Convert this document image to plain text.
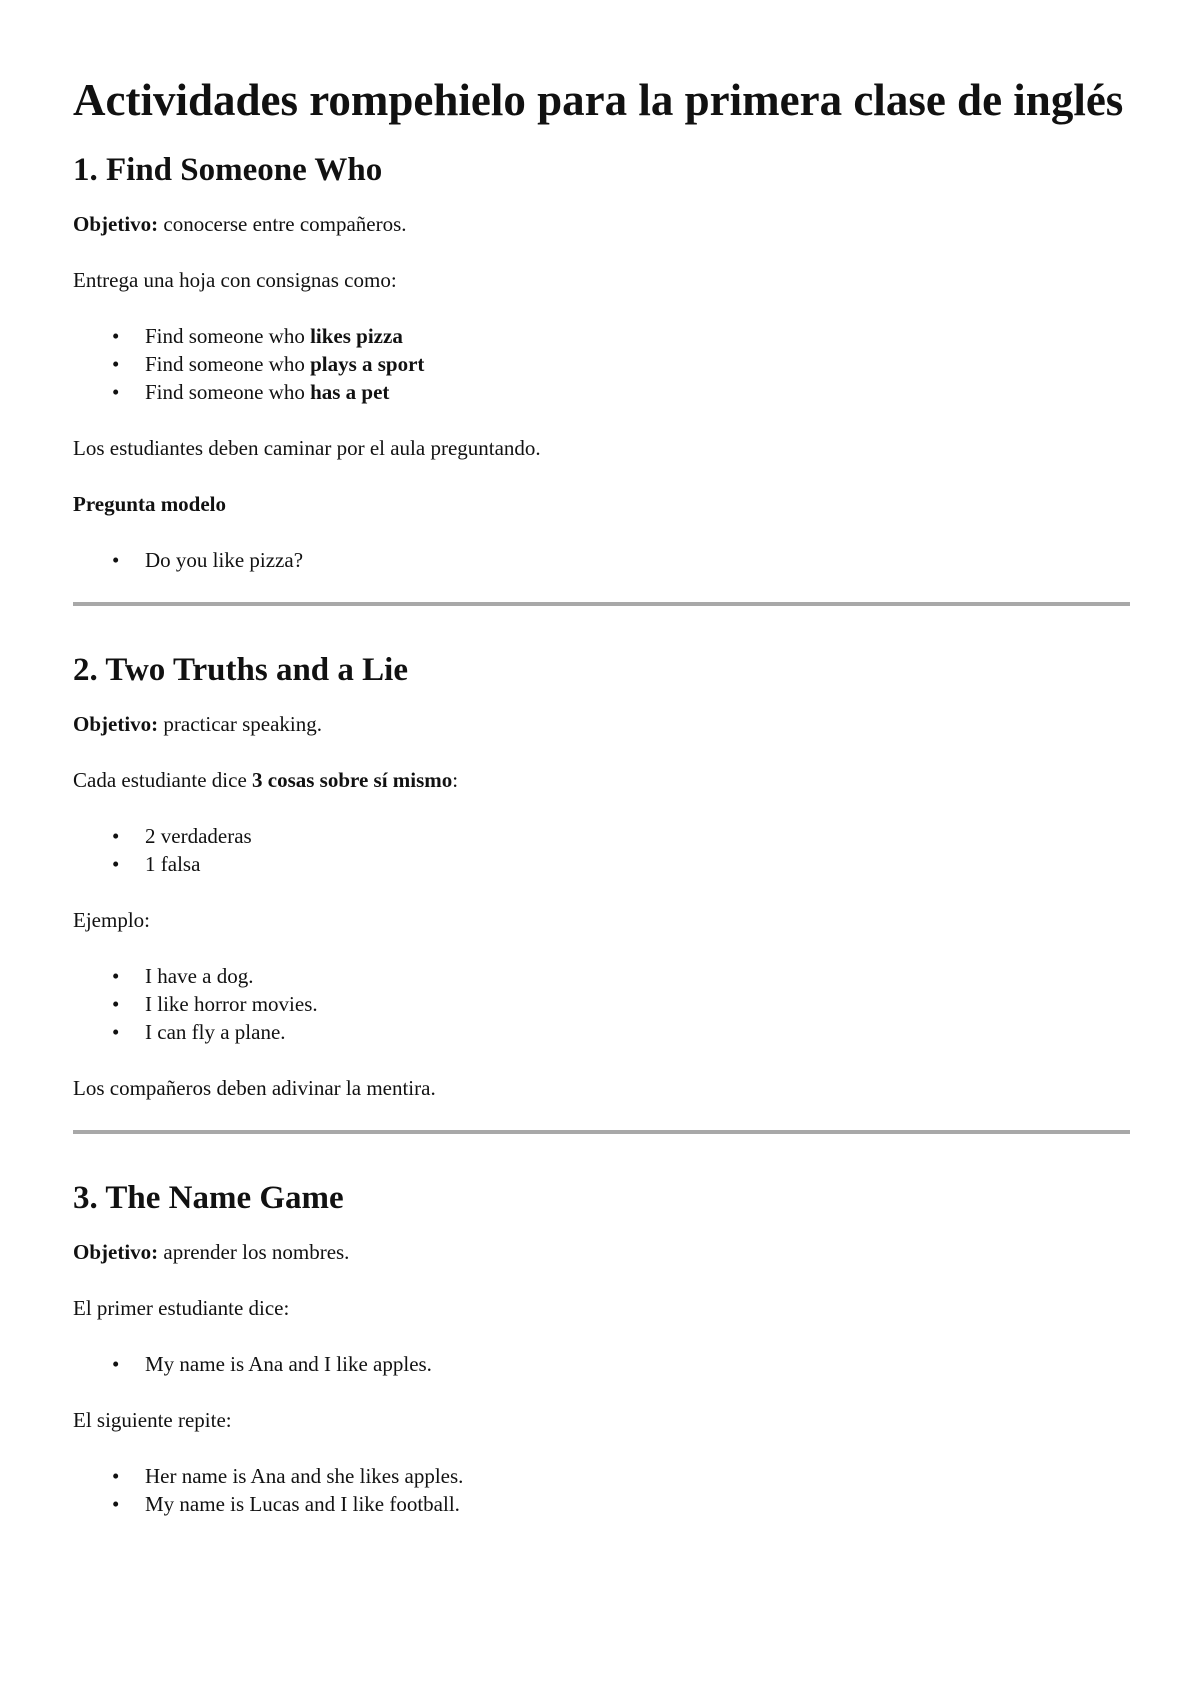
Actividades rompehielo para la primera clase de inglés
1. Find Someone Who

Objetivo: conocerse entre compañeros.

Entrega una hoja con consignas como:

• Find someone who likes pizza
• Find someone who plays a sport
• Find someone who has a pet

Los estudiantes deben caminar por el aula preguntando.

Pregunta modelo

• Do you like pizza?
2. Two Truths and a Lie

Objetivo: practicar speaking.

Cada estudiante dice 3 cosas sobre sí mismo:

• 2 verdaderas
• 1 falsa

Ejemplo:

• I have a dog.
• I like horror movies.
• I can fly a plane.

Los compañeros deben adivinar la mentira.

3. The Name Game

Objetivo: aprender los nombres.

El primer estudiante dice:

• My name is Ana and I like apples.

El siguiente repite:

• Her name is Ana and she likes apples.
• My name is Lucas and I like football.
